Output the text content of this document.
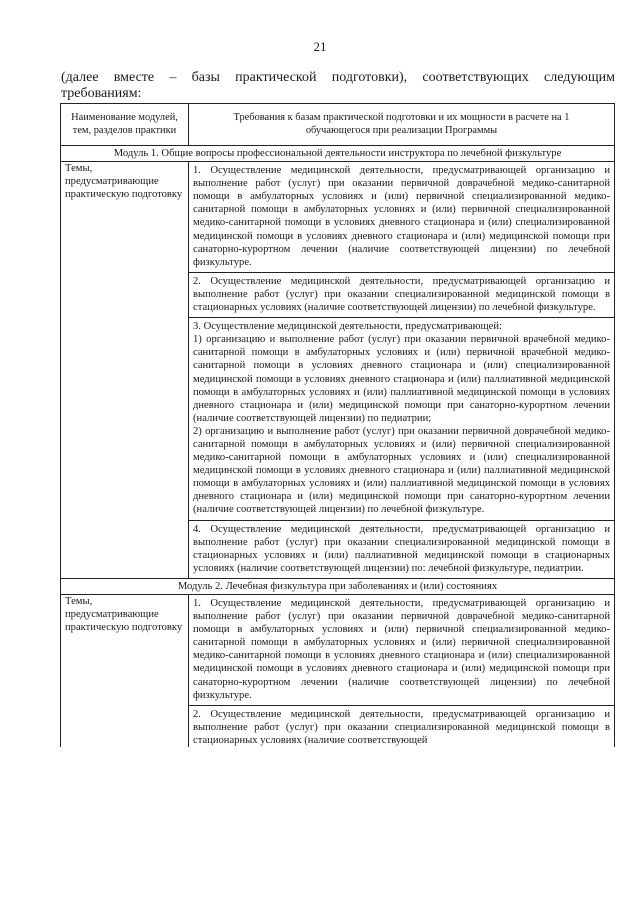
21
(далее вместе – базы практической подготовки), соответствующих следующим
требованиям:
Наименование модулей, тем, разделов практики	Требования к базам практической подготовки и их мощности в расчете на 1 обучающегося при реализации Программы
Модуль 1. Общие вопросы профессиональной деятельности инструктора по лечебной физкультуре	
Темы, предусматривающие практическую подготовку	1. Осуществление медицинской деятельности, предусматривающей организацию и выполнение работ (услуг) при оказании первичной доврачебной медико-санитарной помощи в амбулаторных условиях и (или) первичной специализированной медико-санитарной помощи в амбулаторных условиях и (или) первичной специализированной медико-санитарной помощи в условиях дневного стационара и (или) специализированной медицинской помощи в условиях дневного стационара и (или) медицинской помощи при санаторно-курортном лечении (наличие соответствующей лицензии) по лечебной физкультуре.
	2. Осуществление медицинской деятельности, предусматривающей организацию и выполнение работ (услуг) при оказании специализированной медицинской помощи в стационарных условиях (наличие соответствующей лицензии) по лечебной физкультуре.

	3. Осуществление медицинской деятельности, предусматривающей:

1) организацию и выполнение работ (услуг) при оказании первичной врачебной медико-санитарной помощи в амбулаторных условиях и (или) первичной врачебной медико-санитарной помощи в условиях дневного стационара и (или) специализированной медицинской помощи в условиях дневного стационара и (или) паллиативной медицинской помощи в амбулаторных условиях и (или) паллиативной медицинской помощи в условиях дневного стационара и (или) медицинской помощи при санаторно-курортном лечении (наличие соответствующей лицензии) по педиатрии;

2) организацию и выполнение работ (услуг) при оказании первичной доврачебной медико-санитарной помощи в амбулаторных условиях и (или) первичной специализированной медико-санитарной помощи в амбулаторных условиях и (или) специализированной медицинской помощи в условиях дневного стационара и (или) паллиативной медицинской помощи в амбулаторных условиях и (или) паллиативной медицинской помощи в условиях дневного стационара и (или) медицинской помощи при санаторно-курортном лечении (наличие соответствующей лицензии) по лечебной физкультуре.

	4. Осуществление медицинской деятельности, предусматривающей организацию и выполнение работ (услуг) при оказании специализированной медицинской помощи в стационарных условиях и (или) паллиативной медицинской помощи в стационарных условиях (наличие соответствующей лицензии) по: лечебной физкультуре, педиатрии.
Модуль 2. Лечебная физкультура при заболеваниях и (или) состояниях	
Темы, предусматривающие практическую подготовку	1. Осуществление медицинской деятельности, предусматривающей организацию и выполнение работ (услуг) при оказании первичной доврачебной медико-санитарной помощи в амбулаторных условиях и (или) первичной специализированной медико-санитарной помощи в амбулаторных условиях и (или) первичной специализированной медико-санитарной помощи в условиях дневного стационара и (или) специализированной медицинской помощи в условиях дневного стационара и (или) медицинской помощи при санаторно-курортном лечении (наличие соответствующей лицензии) по лечебной физкультуре.
	2. Осуществление медицинской деятельности, предусматривающей организацию и выполнение работ (услуг) при оказании специализированной медицинской помощи в стационарных условиях (наличие соответствующей
